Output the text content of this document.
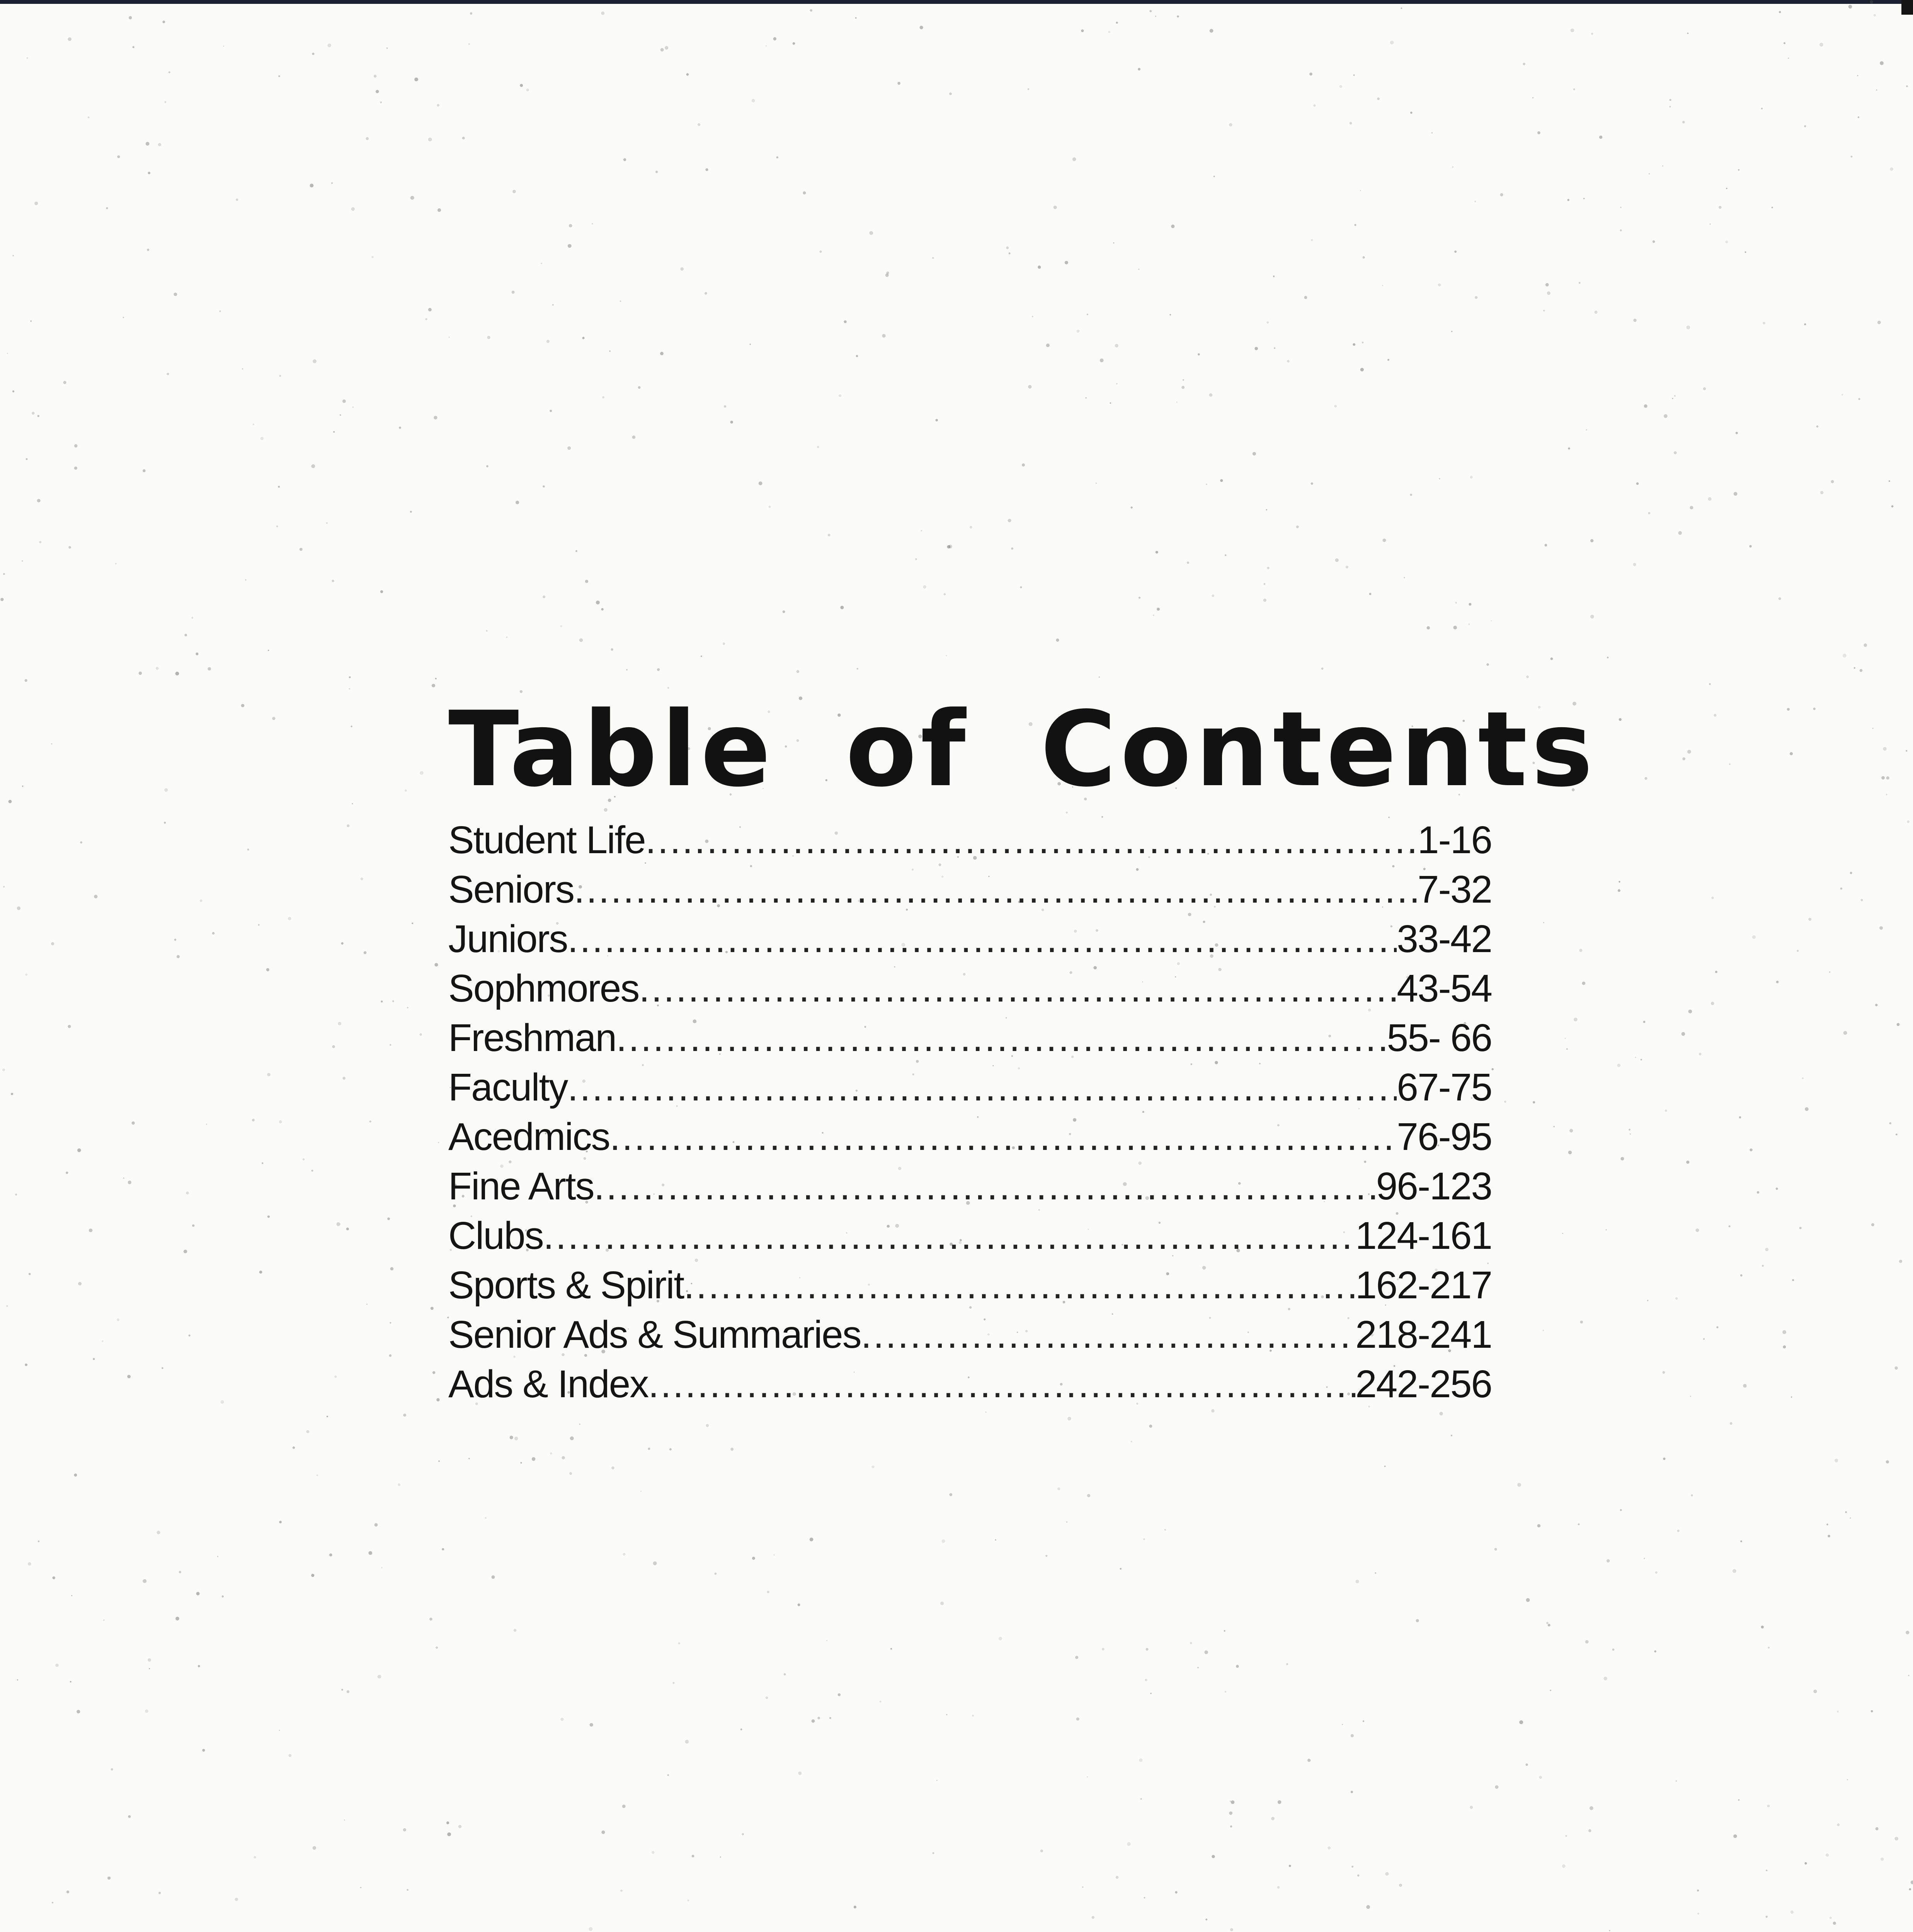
Table of Contents
Student Life .....	1-16
Seniors .....	7-32
Juniors .....	33-42
Sophmores .....	43-54
Freshman .....	55- 66
Faculty .....	67-75
Acedmics .....	76-95
Fine Arts .....	96-123
Clubs .....	124-161
Sports & Spirit .....	162-217
Senior Ads & Summaries .....	218-241
Ads & Index .....	242-256
